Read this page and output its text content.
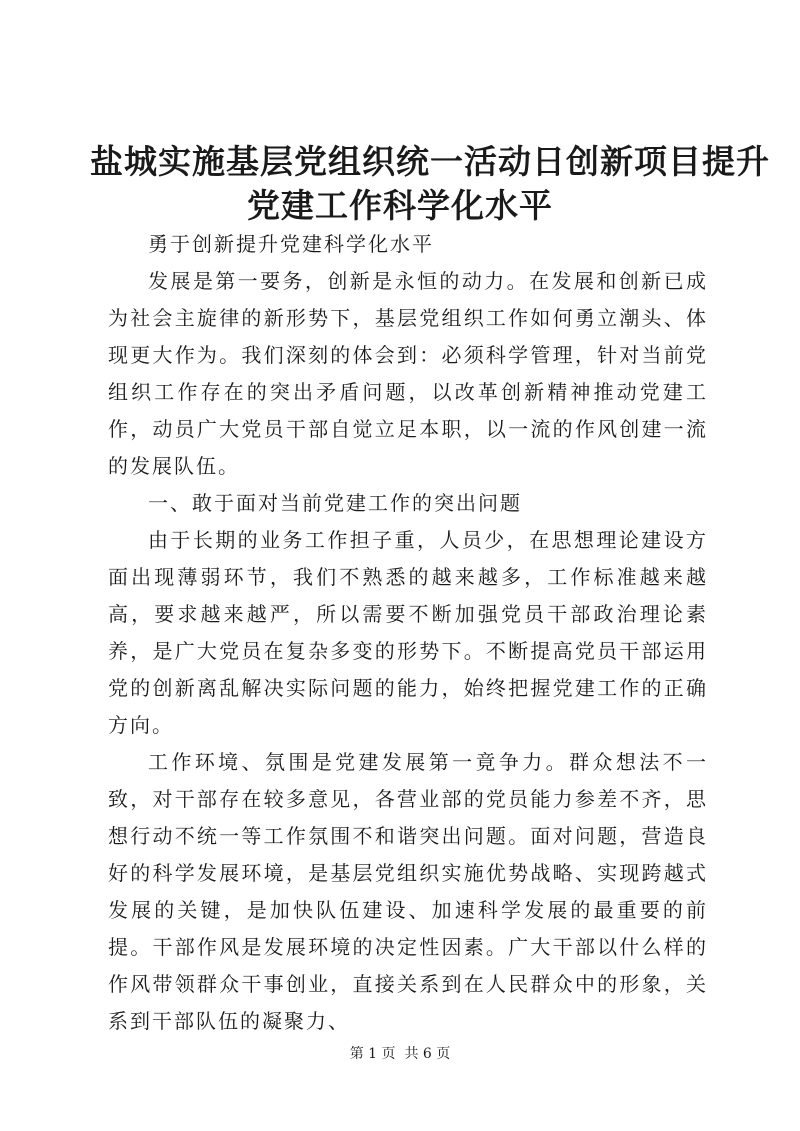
盐城实施基层党组织统一活动日创新项目提升
党建工作科学化水平

勇于创新提升党建科学化水平

发展是第一要务，创新是永恒的动力。在发展和创新已成为社会主旋律的新形势下，基层党组织工作如何勇立潮头、体现更大作为。我们深刻的体会到：必须科学管理，针对当前党组织工作存在的突出矛盾问题，以改革创新精神推动党建工作，动员广大党员干部自觉立足本职，以一流的作风创建一流的发展队伍。

一、敢于面对当前党建工作的突出问题

由于长期的业务工作担子重，人员少，在思想理论建设方面出现薄弱环节，我们不熟悉的越来越多，工作标准越来越高，要求越来越严，所以需要不断加强党员干部政治理论素养，是广大党员在复杂多变的形势下。不断提高党员干部运用党的创新离乱解决实际问题的能力，始终把握党建工作的正确方向。

工作环境、氛围是党建发展第一竟争力。群众想法不一致，对干部存在较多意见，各营业部的党员能力参差不齐，思想行动不统一等工作氛围不和谐突出问题。面对问题，营造良好的科学发展环境，是基层党组织实施优势战略、实现跨越式发展的关键，是加快队伍建设、加速科学发展的最重要的前提。干部作风是发展环境的决定性因素。广大干部以什么样的作风带领群众干事创业，直接关系到在人民群众中的形象，关系到干部队伍的凝聚力、

第 1 页  共 6 页
